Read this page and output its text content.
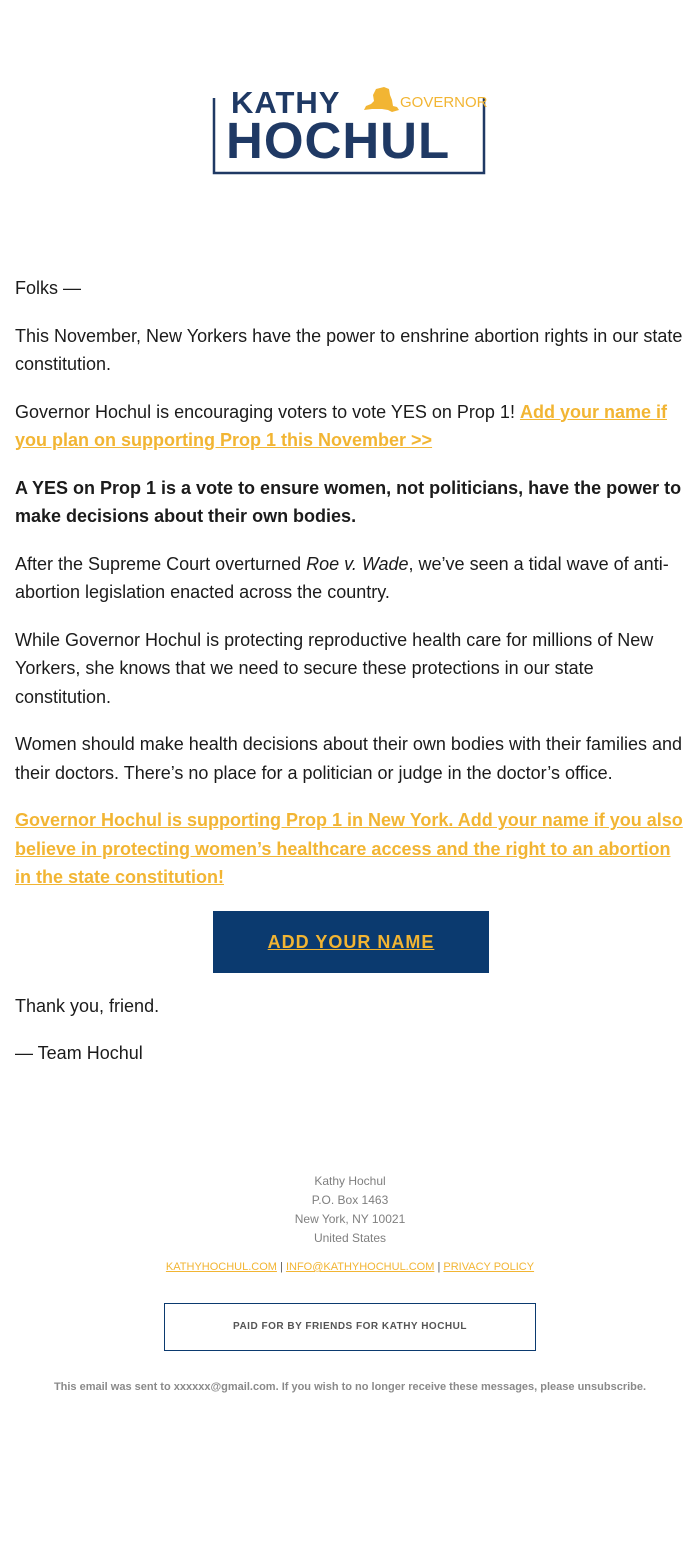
KATHY	GOVERNOR
HOCHUL

Folks —

This November, New Yorkers have the power to enshrine abortion rights in our state constitution.

Governor Hochul is encouraging voters to vote YES on Prop 1! Add your name if you plan on supporting Prop 1 this November >>

A YES on Prop 1 is a vote to ensure women, not politicians, have the power to make decisions about their own bodies.

After the Supreme Court overturned Roe v. Wade, we’ve seen a tidal wave of anti-abortion legislation enacted across the country.

While Governor Hochul is protecting reproductive health care for millions of New Yorkers, she knows that we need to secure these protections in our state constitution.

Women should make health decisions about their own bodies with their families and their doctors. There’s no place for a politician or judge in the doctor’s office.

Governor Hochul is supporting Prop 1 in New York. Add your name if you also believe in protecting women’s healthcare access and the right to an abortion in the state constitution!

ADD YOUR NAME

Thank you, friend.

— Team Hochul

Kathy Hochul
P.O. Box 1463
New York, NY 10021
United States
KATHYHOCHUL.COM | INFO@KATHYHOCHUL.COM | PRIVACY POLICY
PAID FOR BY FRIENDS FOR KATHY HOCHUL
This email was sent to xxxxxx@gmail.com. If you wish to no longer receive these messages, please unsubscribe.
